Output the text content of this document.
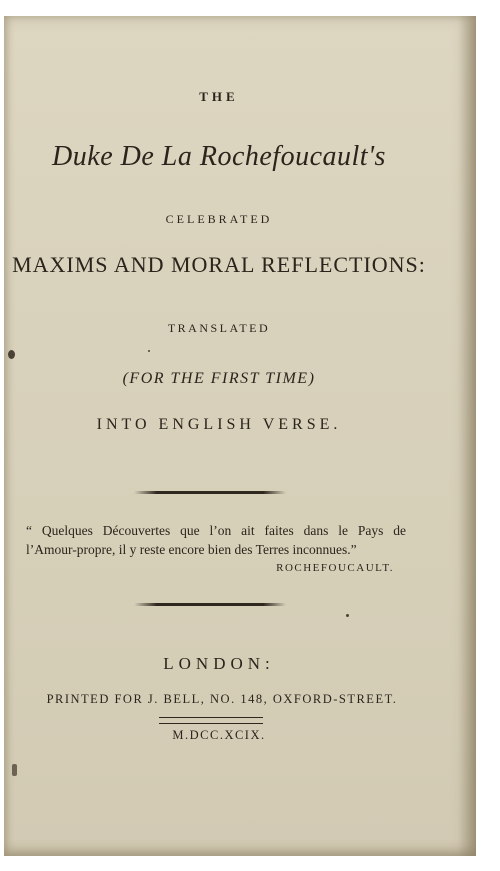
THE
Duke De La Rochefoucault's
CELEBRATED
MAXIMS AND MORAL REFLECTIONS:
TRANSLATED
(FOR THE FIRST TIME)
INTO ENGLISH VERSE.
“ Quelques Découvertes que l’on ait faites dans le Pays de
l’Amour-propre, il y reste encore bien des Terres inconnues.”
ROCHEFOUCAULT.
LONDON:
PRINTED FOR J. BELL, NO. 148, OXFORD-STREET.
M.DCC.XCIX.
